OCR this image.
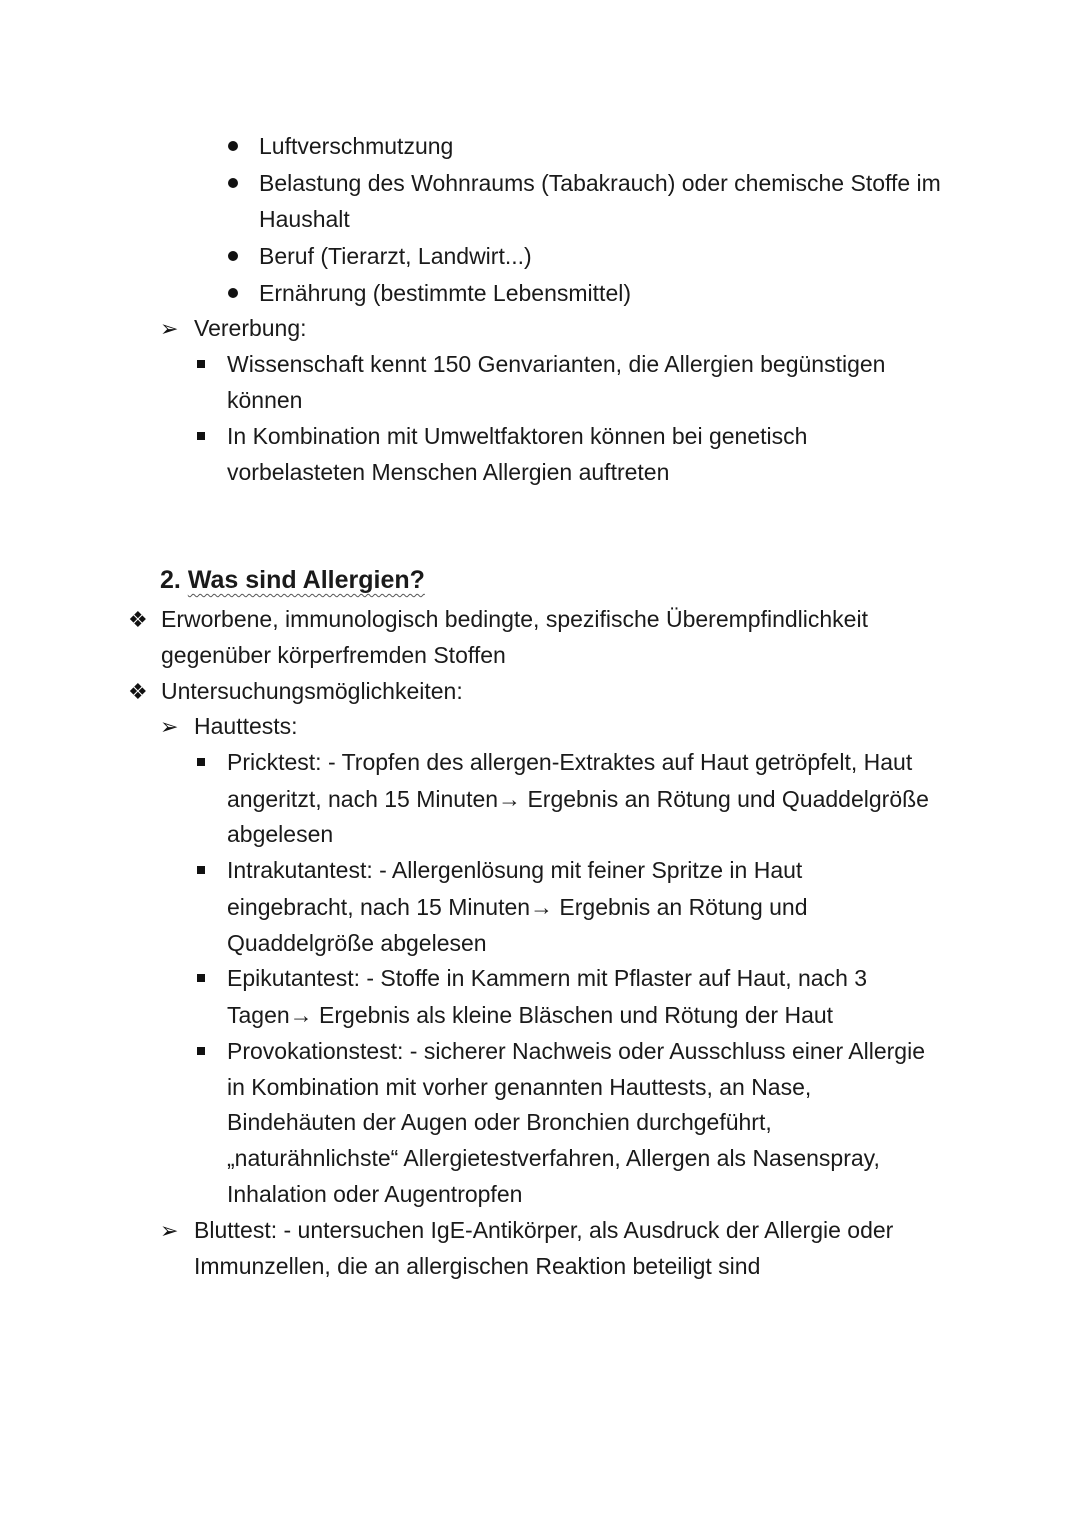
Luftverschmutzung
Belastung des Wohnraums (Tabakrauch) oder chemische Stoffe im
Haushalt
Beruf (Tierarzt, Landwirt...)
Ernährung (bestimmte Lebensmittel)
➢ Vererbung:
Wissenschaft kennt 150 Genvarianten, die Allergien begünstigen
können
In Kombination mit Umweltfaktoren können bei genetisch
vorbelasteten Menschen Allergien auftreten
2. Was sind Allergien?
❖ Erworbene, immunologisch bedingte, spezifische Überempfindlichkeit
gegenüber körperfremden Stoffen
❖ Untersuchungsmöglichkeiten:
➢ Hauttests:
Pricktest: - Tropfen des allergen-Extraktes auf Haut getröpfelt, Haut
angeritzt, nach 15 Minuten→ Ergebnis an Rötung und Quaddelgröße
abgelesen
Intrakutantest: - Allergenlösung mit feiner Spritze in Haut
eingebracht, nach 15 Minuten→ Ergebnis an Rötung und
Quaddelgröße abgelesen
Epikutantest: - Stoffe in Kammern mit Pflaster auf Haut, nach 3
Tagen→ Ergebnis als kleine Bläschen und Rötung der Haut
Provokationstest: - sicherer Nachweis oder Ausschluss einer Allergie
in Kombination mit vorher genannten Hauttests, an Nase,
Bindehäuten der Augen oder Bronchien durchgeführt,
„naturähnlichste“ Allergietestverfahren, Allergen als Nasenspray,
Inhalation oder Augentropfen
➢ Bluttest: - untersuchen IgE-Antikörper, als Ausdruck der Allergie oder
Immunzellen, die an allergischen Reaktion beteiligt sind
